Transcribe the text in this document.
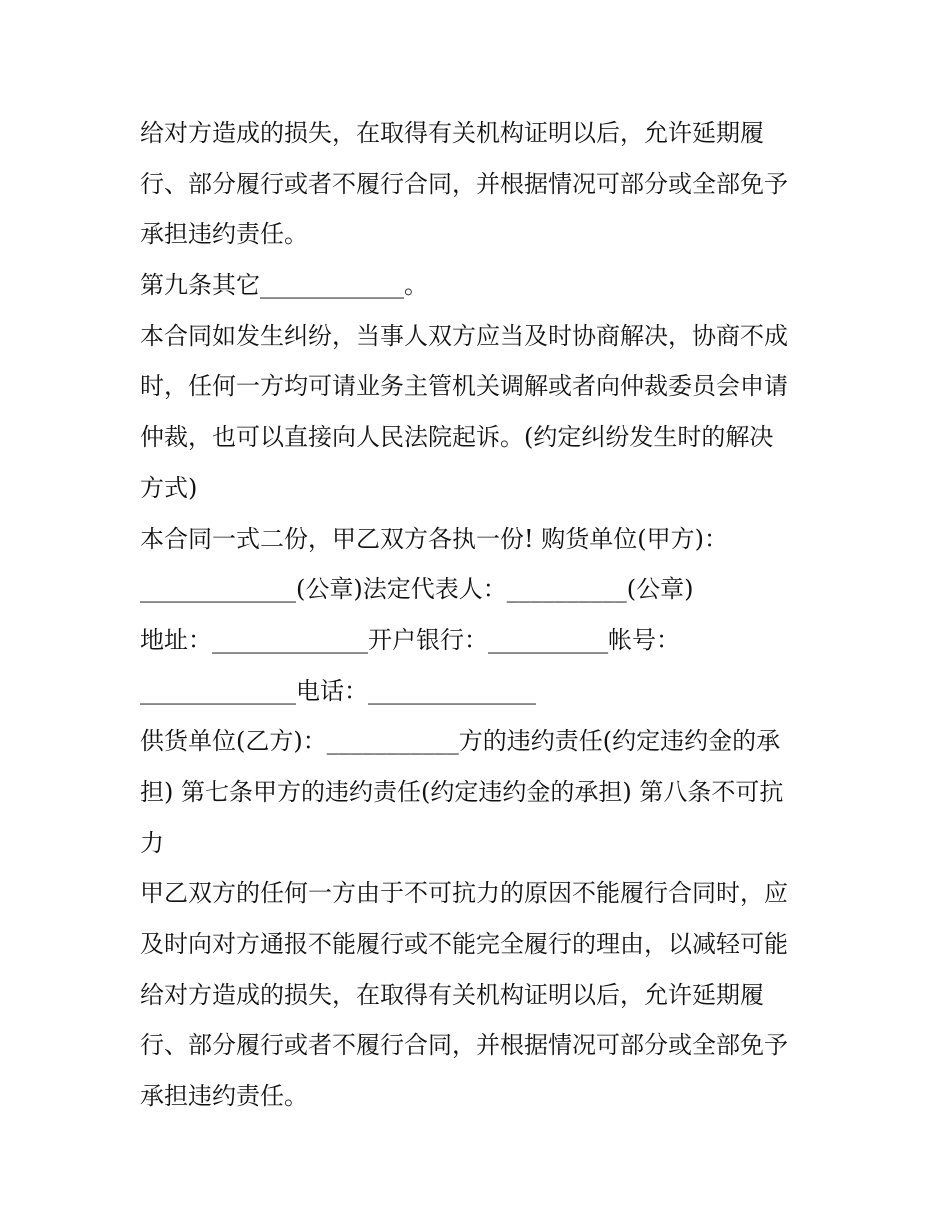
给对方造成的损失，在取得有关机构证明以后，允许延期履
行、部分履行或者不履行合同，并根据情况可部分或全部免予
承担违约责任。
第九条其它____________。
本合同如发生纠纷，当事人双方应当及时协商解决，协商不成
时，任何一方均可请业务主管机关调解或者向仲裁委员会申请
仲裁，也可以直接向人民法院起诉。(约定纠纷发生时的解决
方式)
本合同一式二份，甲乙双方各执一份! 购货单位(甲方)：
_____________(公章)法定代表人：__________(公章)
地址：_____________开户银行：__________帐号：
_____________电话：______________
供货单位(乙方)：___________方的违约责任(约定违约金的承
担) 第七条甲方的违约责任(约定违约金的承担) 第八条不可抗
力
甲乙双方的任何一方由于不可抗力的原因不能履行合同时，应
及时向对方通报不能履行或不能完全履行的理由，以减轻可能
给对方造成的损失，在取得有关机构证明以后，允许延期履
行、部分履行或者不履行合同，并根据情况可部分或全部免予
承担违约责任。
